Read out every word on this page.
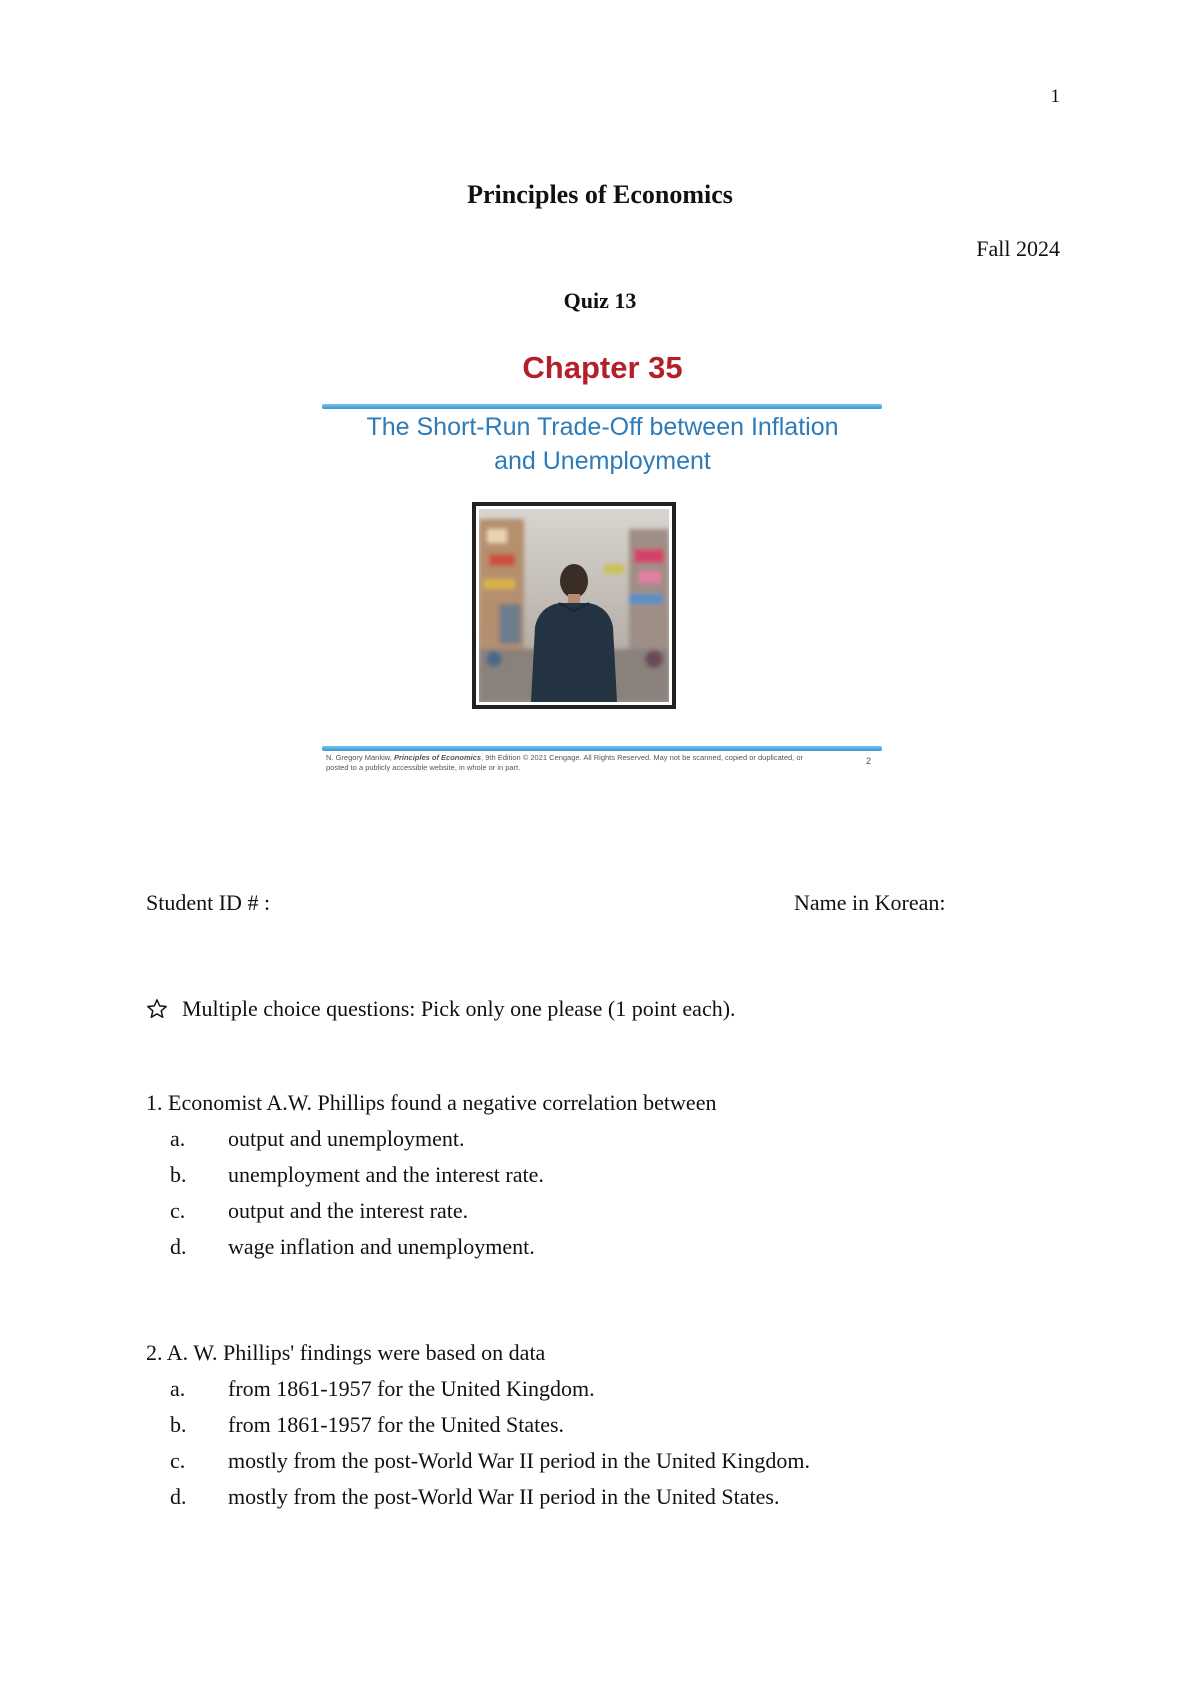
1
Principles of Economics
Fall 2024
Quiz 13
Chapter 35
The Short-Run Trade-Off between Inflation
and Unemployment
N. Gregory Mankiw, Principles of Economics, 9th Edition © 2021 Cengage. All Rights Reserved. May not be scanned, copied or duplicated, or
posted to a publicly accessible website, in whole or in part.
2
Student ID # :	Name in Korean:
Multiple choice questions: Pick only one please (1 point each).
1. Economist A.W. Phillips found a negative correlation between
a.	output and unemployment.
b.	unemployment and the interest rate.
c.	output and the interest rate.
d.	wage inflation and unemployment.
2. A. W. Phillips' findings were based on data
a.	from 1861-1957 for the United Kingdom.
b.	from 1861-1957 for the United States.
c.	mostly from the post-World War II period in the United Kingdom.
d.	mostly from the post-World War II period in the United States.
